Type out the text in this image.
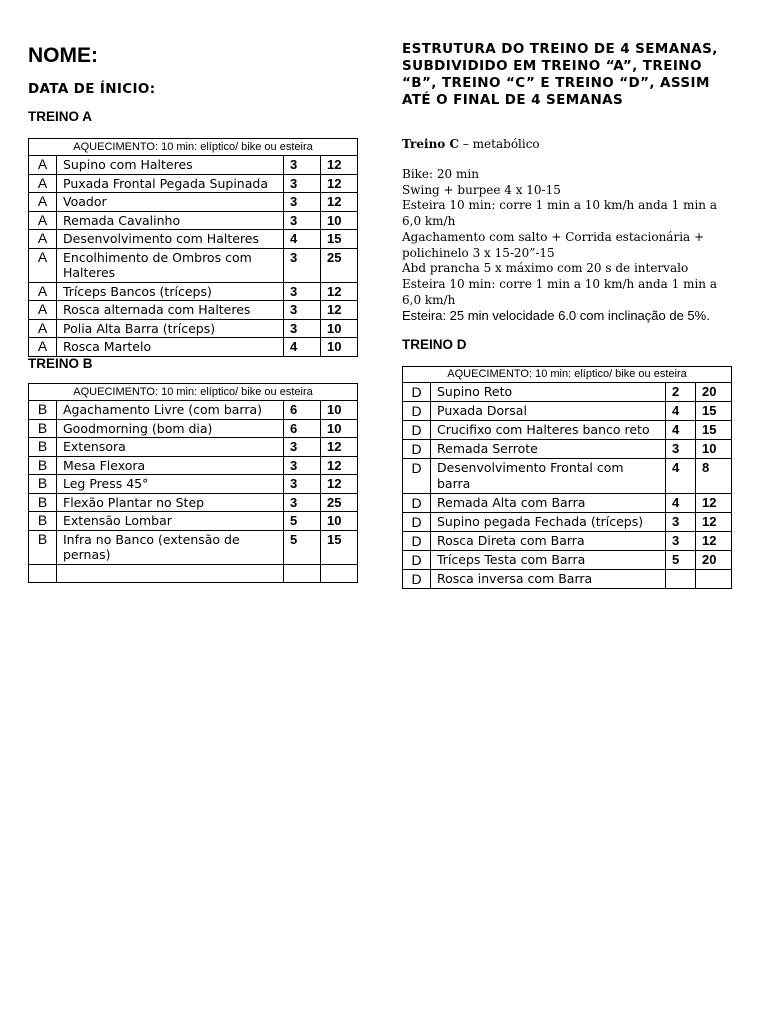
NOME:
DATA DE ÍNICIO:
TREINO A
AQUECIMENTO: 10 min: elíptico/ bike ou esteira			
A	Supino com Halteres	3	12
A	Puxada Frontal Pegada Supinada	3	12
A	Voador	3	12
A	Remada Cavalinho	3	10
A	Desenvolvimento com Halteres	4	15
A	Encolhimento de Ombros com Halteres	3	25
A	Tríceps Bancos (tríceps)	3	12
A	Rosca alternada com Halteres	3	12
A	Polia Alta Barra (tríceps)	3	10
A	Rosca Martelo	4	10
TREINO B
AQUECIMENTO: 10 min: elíptico/ bike ou esteira			
B	Agachamento Livre (com barra)	6	10
B	Goodmorning (bom dia)	6	10
B	Extensora	3	12
B	Mesa Flexora	3	12
B	Leg Press 45°	3	12
B	Flexão Plantar no Step	3	25
B	Extensão Lombar	5	10
B	Infra no Banco (extensão de pernas)	5	15

ESTRUTURA DO TREINO DE 4 SEMANAS,
SUBDIVIDIDO EM TREINO “A”, TREINO
“B”, TREINO “C” E TREINO “D”, ASSIM
ATÉ O FINAL DE 4 SEMANAS
Treino C – metabólico
Bike: 20 min
Swing + burpee 4 x 10-15
Esteira 10 min: corre 1 min a 10 km/h anda 1 min a 6,0 km/h
Agachamento com salto + Corrida estacionária + polichinelo 3 x 15-20”-15
Abd prancha 5 x máximo com 20 s de intervalo
Esteira 10 min: corre 1 min a 10 km/h anda 1 min a 6,0 km/h
Esteira: 25 min velocidade 6.0 com inclinação de 5%.
TREINO D
AQUECIMENTO: 10 min: elíptico/ bike ou esteira			
D	Supino Reto	2	20
D	Puxada Dorsal	4	15
D	Crucifixo com Halteres banco reto	4	15
D	Remada Serrote	3	10
D	Desenvolvimento Frontal com barra	4	8
D	Remada Alta com Barra	4	12
D	Supino pegada Fechada (tríceps)	3	12
D	Rosca Direta com Barra	3	12
D	Tríceps Testa com Barra	5	20
D	Rosca inversa com Barra		
